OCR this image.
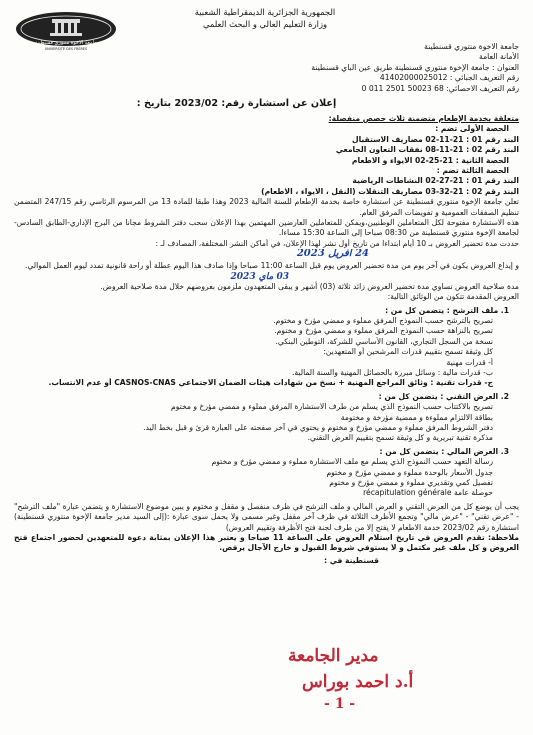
الجمهورية الجزائرية الديمقراطية الشعبية
وزارة التعليم العالي و البحث العلمي
جامعة الاخوة منتوري قسنطينة
UNIVERSITÉ DES FRÈRES	جامعة الاخوة منتوري قسنطينة
الأمانة العامة
العنوان : جامعة الإخوة منتوري قسنطينة طريق عين الباي قسنطينة
رقم التعريف الجبائي : 41402000025012
رقم التعريف الاحصائي: 68 50023 2501 011 0
إعلان عن استشارة رقم: 2023/02 بتاريخ :
متعلقة بخدمة الإطعام متضمنة ثلاث حصص منفصلة:
الحصة الأولى تضم :
البند رقم 01 : 21-11-02 مصاريف الاستقبال
البند رقم 02 : 21-11-08 نفقات التعاون الجامعي
الحصة الثانية : 21-25-02 الايواء و الاطعام
الحصة الثالثة تضم :
البند رقم 01 : 21-27-02 النشاطات الرياضية
البند رقم 02 : 21-32-03 مصاريف التنقلات (النقل ، الايواء ، الاطعام)
تعلن جامعة الإخوة منتوري قسنطينة عن استشارة خاصة بخدمة الإطعام للسنة المالية 2023 وهذا طبقا للمادة 13 من المرسوم الرئاسي رقم 247/15 المتضمن تنظيم الصفقات العمومية و تفويضات المرفق العام.
هذه الاستشارة مفتوحة لكل المتعاملين الوطنيين،ويمكن للمتعاملين العارضين المهتمين بهذا الإعلان سحب دفتر الشروط مجانا من البرج الإداري-الطابق السادس- لجامعة الإخوة منتوري قسنطينة من 08:30 صباحا إلى الساعة 15:30 مساءا.
حددت مدة تحضير العروض بـ 10 أيام ابتداءا من تاريخ أول نشر لهذا الإعلان، في أماكن النشر المختلفة، المصادف لـ :
24 أفريل 2023
و إيداع العروض يكون في آخر يوم من مدة تحضير العروض يوم قبل الساعة 11:00 صباحا وإذا صادف هذا اليوم عطلة أو راحة قانونية تمدد ليوم العمل الموالي.
03 ماي 2023
مدة صلاحية العروض تساوي مدة تحضير العروض زائد ثلاثة (03) أشهر و يبقى المتعهدون ملزمون بعروضهم خلال مدة صلاحية العروض.
العروض المقدمة تتكون من الوثائق التالية:
1. ملف الترشح : يتضمن كل من :
تصريح بالترشح حسب النموذج المرفق مملوء و ممضي مؤرخ و مختوم.
تصريح بالنزاهة حسب النموذج المرفق مملوء و ممضي مؤرخ و مختوم.
نسخة من السجل التجاري، القانون الأساسي للشركة، التوطين البنكي.
كل وثيقة تسمح بتقييم قدرات المرشحين أو المتعهدين:
أ- قدرات مهنية
ب- قدرات مالية : وسائل مبررة بالحصائل المهنية والسنة المالية.
ج- قدرات تقنية : وثائق المراجع المهنية + نسخ من شهادات هيئات الضمان الاجتماعي CASNOS-CNAS أو عدم الانتساب.
2. العرض التقني : يتضمن كل من :
تصريح بالاكتتاب حسب النموذج الذي يسلم من طرف الاستشارة المرفق مملوء و ممضي مؤرخ و مختوم
بطاقة الالتزام مملوءة و ممضية مؤرخة و مختومة
دفتر الشروط المرفق مملوء و ممضي مؤرخ و مختوم و يحتوي في آخر صفحته على العبارة قرئ و قبل بخط اليد.
مذكرة تقنية تبريرية و كل وثيقة تسمح بتقييم العرض التقني.
3. العرض المالي : يتضمن كل من :
رسالة التعهد حسب النموذج الذي يسلم مع ملف الاستشارة مملوء و ممضي مؤرخ و مختوم
جدول الأسعار بالوحدة مملوء و ممضي مؤرخ و مختوم
تفصيل كمي وتقديري مملوء و ممضي مؤرخ و مختوم
حوصلة عامة récapitulation générale
يجب أن يوضع كل من العرض التقني و العرض المالي و ملف الترشح في ظرف منفصل و مقفل و مختوم و يبين موضوع الاستشارة و يتضمن عبارة "ملف الترشح" - "عرض تقني" - "عرض مالي" وتجمع الأظرف الثلاثة في ظرف آخر مقفل وغير مسمى ولا يحمل سوى عبارة :(إلى السيد مدير جامعة الإخوة منتوري قسنطينة) استشارة رقم 2023/02 خدمة الاطعام لا يفتح إلا من طرف لجنة فتح الأظرفة وتقييم العروض)
ملاحظة: تقدم العروض في تاريخ استلام العروض على الساعة 11 صباحا و يعتبر هذا الإعلان بمثابة دعوة للمتعهدين لحضور اجتماع فتح العروض و كل ملف غير مكتمل و لا يستوفي شروط القبول و خارج الآجال يرفض.
قسنطينة في :
مدير الجامعة
أ.د احمد بوراس
- 1 -
